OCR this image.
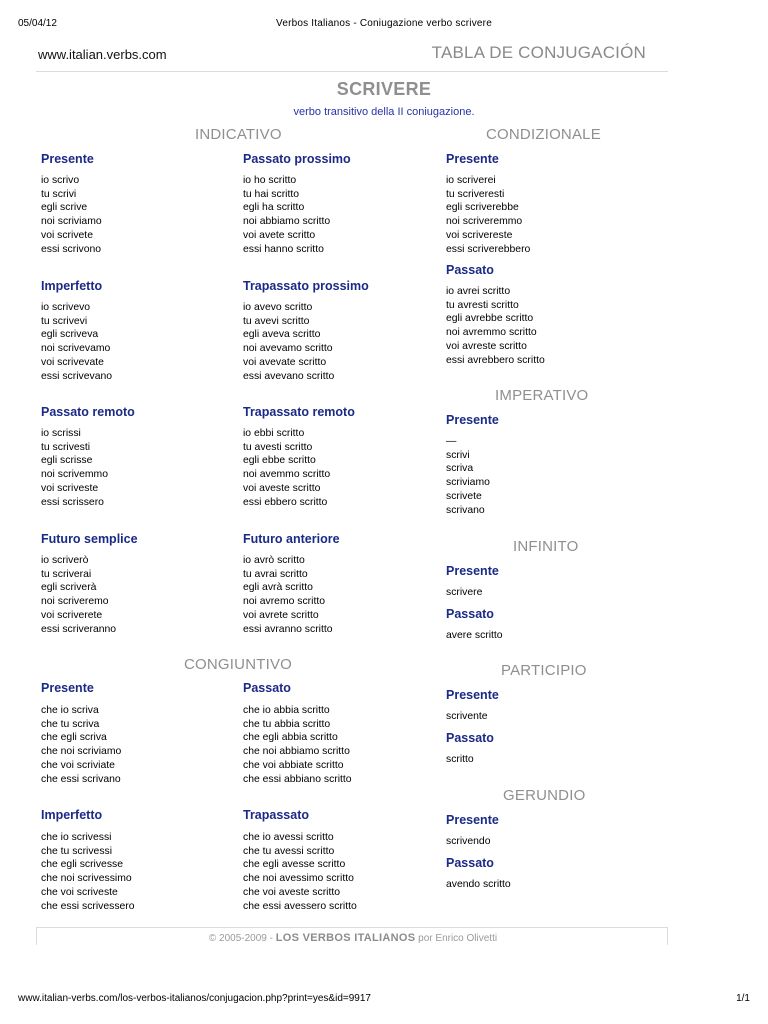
05/04/12	Verbos Italianos - Coniugazione verbo scrivere
www.italian.verbs.com	TABLA DE CONJUGACIÓN
SCRIVERE
verbo transitivo della II coniugazione.
INDICATIVO	CONDIZIONALE
IMPERATIVO
INFINITO
CONGIUNTIVO	PARTICIPIO
GERUNDIO
Presente
io scrivo
tu scrivi
egli scrive
noi scriviamo
voi scrivete
essi scrivono
Imperfetto
io scrivevo
tu scrivevi
egli scriveva
noi scrivevamo
voi scrivevate
essi scrivevano
Passato remoto
io scrissi
tu scrivesti
egli scrisse
noi scrivemmo
voi scriveste
essi scrissero
Futuro semplice
io scriverò
tu scriverai
egli scriverà
noi scriveremo
voi scriverete
essi scriveranno
Passato prossimo
io ho scritto
tu hai scritto
egli ha scritto
noi abbiamo scritto
voi avete scritto
essi hanno scritto
Trapassato prossimo
io avevo scritto
tu avevi scritto
egli aveva scritto
noi avevamo scritto
voi avevate scritto
essi avevano scritto
Trapassato remoto
io ebbi scritto
tu avesti scritto
egli ebbe scritto
noi avemmo scritto
voi aveste scritto
essi ebbero scritto
Futuro anteriore
io avrò scritto
tu avrai scritto
egli avrà scritto
noi avremo scritto
voi avrete scritto
essi avranno scritto
Presente
che io scriva
che tu scriva
che egli scriva
che noi scriviamo
che voi scriviate
che essi scrivano
Imperfetto
che io scrivessi
che tu scrivessi
che egli scrivesse
che noi scrivessimo
che voi scriveste
che essi scrivessero
Passato
che io abbia scritto
che tu abbia scritto
che egli abbia scritto
che noi abbiamo scritto
che voi abbiate scritto
che essi abbiano scritto
Trapassato
che io avessi scritto
che tu avessi scritto
che egli avesse scritto
che noi avessimo scritto
che voi aveste scritto
che essi avessero scritto
Presente
io scriverei
tu scriveresti
egli scriverebbe
noi scriveremmo
voi scrivereste
essi scriverebbero
Passato
io avrei scritto
tu avresti scritto
egli avrebbe scritto
noi avremmo scritto
voi avreste scritto
essi avrebbero scritto
Presente
—
scrivi
scriva
scriviamo
scrivete
scrivano
Presente
scrivere
Passato
avere scritto
Presente
scrivente
Passato
scritto
Presente
scrivendo
Passato
avendo scritto
© 2005-2009 - LOS VERBOS ITALIANOS por Enrico Olivetti
www.italian-verbs.com/los-verbos-italianos/conjugacion.php?print=yes&id=9917	1/1
